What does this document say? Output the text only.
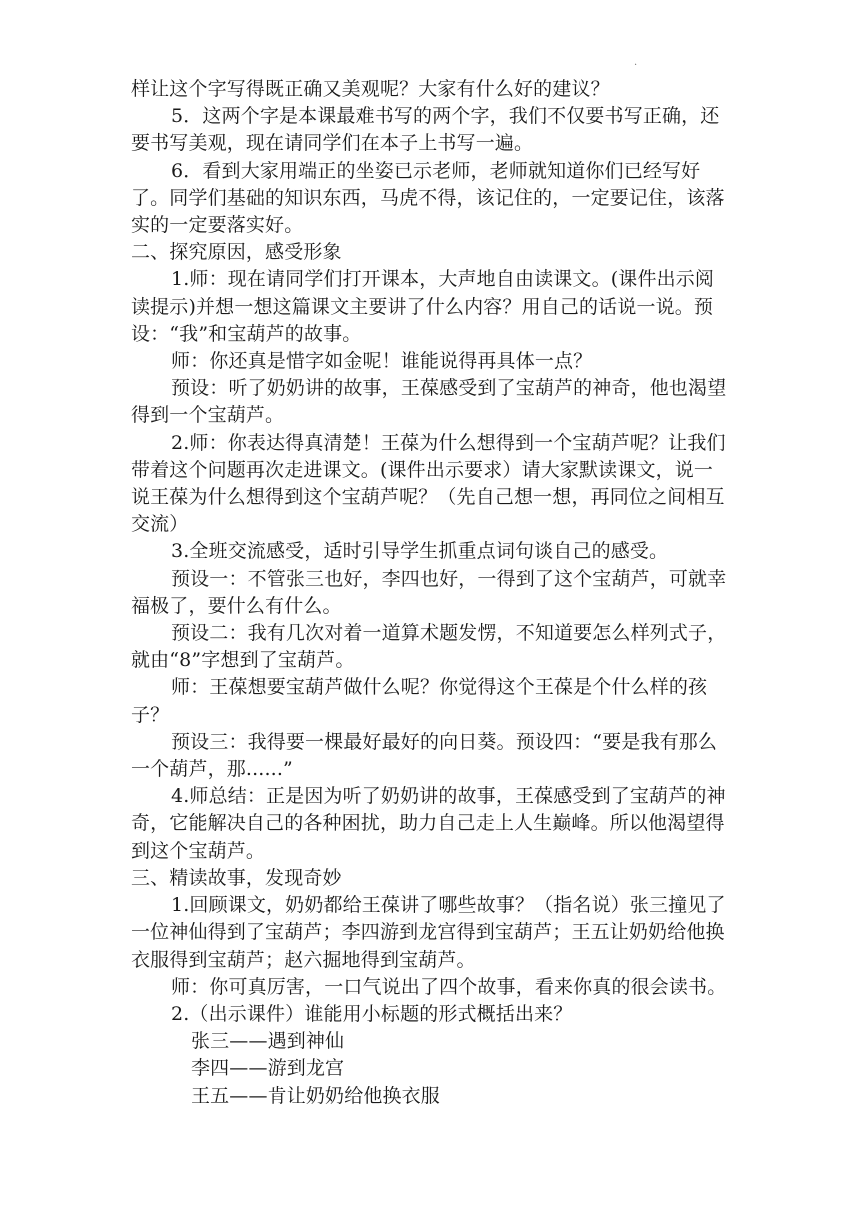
.

样让这个字写得既正确又美观呢？大家有什么好的建议？

5．这两个字是本课最难书写的两个字，我们不仅要书写正确，还要书写美观，现在请同学们在本子上书写一遍。

6．看到大家用端正的坐姿已示老师，老师就知道你们已经写好了。同学们基础的知识东西，马虎不得，该记住的，一定要记住，该落实的一定要落实好。

二、探究原因，感受形象

1.师：现在请同学们打开课本，大声地自由读课文。(课件出示阅读提示)并想一想这篇课文主要讲了什么内容？用自己的话说一说。预设：“我”和宝葫芦的故事。

师：你还真是惜字如金呢！谁能说得再具体一点？

预设：听了奶奶讲的故事，王葆感受到了宝葫芦的神奇，他也渴望得到一个宝葫芦。

2.师：你表达得真清楚！王葆为什么想得到一个宝葫芦呢？让我们带着这个问题再次走进课文。(课件出示要求）请大家默读课文，说一说王葆为什么想得到这个宝葫芦呢？（先自己想一想，再同位之间相互交流）

3.全班交流感受，适时引导学生抓重点词句谈自己的感受。

预设一：不管张三也好，李四也好，一得到了这个宝葫芦，可就幸福极了，要什么有什么。

预设二：我有几次对着一道算术题发愣，不知道要怎么样列式子，就由“8”字想到了宝葫芦。

师：王葆想要宝葫芦做什么呢？你觉得这个王葆是个什么样的孩子？

预设三：我得要一棵最好最好的向日葵。预设四：“要是我有那么一个葫芦，那......”

4.师总结：正是因为听了奶奶讲的故事，王葆感受到了宝葫芦的神奇，它能解决自己的各种困扰，助力自己走上人生巅峰。所以他渴望得到这个宝葫芦。

三、精读故事，发现奇妙

1.回顾课文，奶奶都给王葆讲了哪些故事？（指名说）张三撞见了一位神仙得到了宝葫芦；李四游到龙宫得到宝葫芦；王五让奶奶给他换衣服得到宝葫芦；赵六掘地得到宝葫芦。

师：你可真厉害，一口气说出了四个故事，看来你真的很会读书。

2.（出示课件）谁能用小标题的形式概括出来？

张三——遇到神仙

李四——游到龙宫

王五——肯让奶奶给他换衣服
